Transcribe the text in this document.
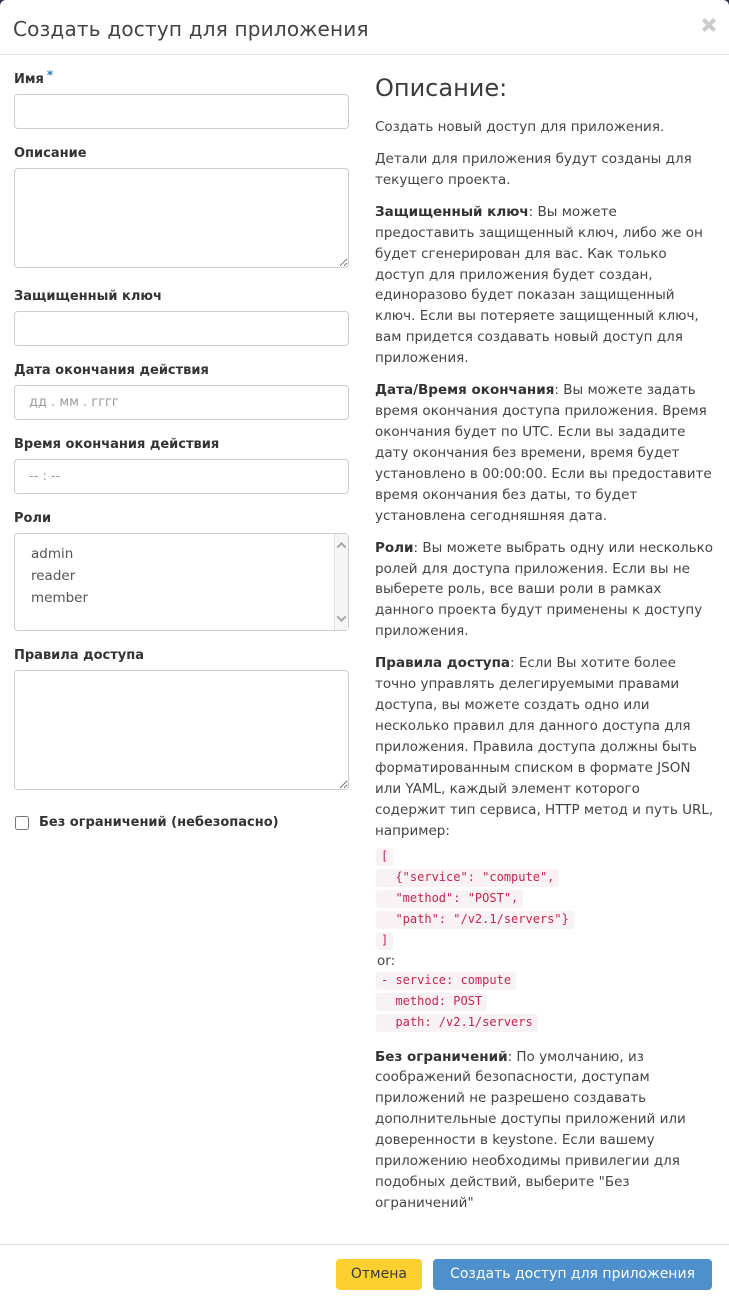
Создать доступ для приложения
Имя *
Описание
Защищенный ключ
Дата окончания действия
дд . мм . гггг
Время окончания действия
-- : --
Роли
admin
reader
member
Правила доступа
Без ограничений (небезопасно)
Описание:

Создать новый доступ для приложения.

Детали для приложения будут созданы для текущего проекта.

Защищенный ключ: Вы можете предоставить защищенный ключ, либо же он будет сгенерирован для вас. Как только доступ для приложения будет создан, единоразово будет показан защищенный ключ. Если вы потеряете защищенный ключ, вам придется создавать новый доступ для приложения.

Дата/Время окончания: Вы можете задать время окончания доступа приложения. Время окончания будет по UTC. Если вы зададите дату окончания без времени, время будет установлено в 00:00:00. Если вы предоставите время окончания без даты, то будет установлена сегодняшняя дата.

Роли: Вы можете выбрать одну или несколько ролей для доступа приложения. Если вы не выберете роль, все ваши роли в рамках данного проекта будут применены к доступу приложения.

Правила доступа: Если Вы хотите более точно управлять делегируемыми правами доступа, вы можете создать одно или несколько правил для данного доступа для приложения. Правила доступа должны быть форматированным списком в формате JSON или YAML, каждый элемент которого содержит тип сервиса, HTTP метод и путь URL, например:

[
{"service": "compute",
"method": "POST",
"path": "/v2.1/servers"}
]
or:
- service: compute
method: POST
path: /v2.1/servers

Без ограничений: По умолчанию, из соображений безопасности, доступам приложений не разрешено создавать дополнительные доступы приложений или доверенности в keystone. Если вашему приложению необходимы привилегии для подобных действий, выберите "Без ограничений"

Отмена	Создать доступ для приложения
